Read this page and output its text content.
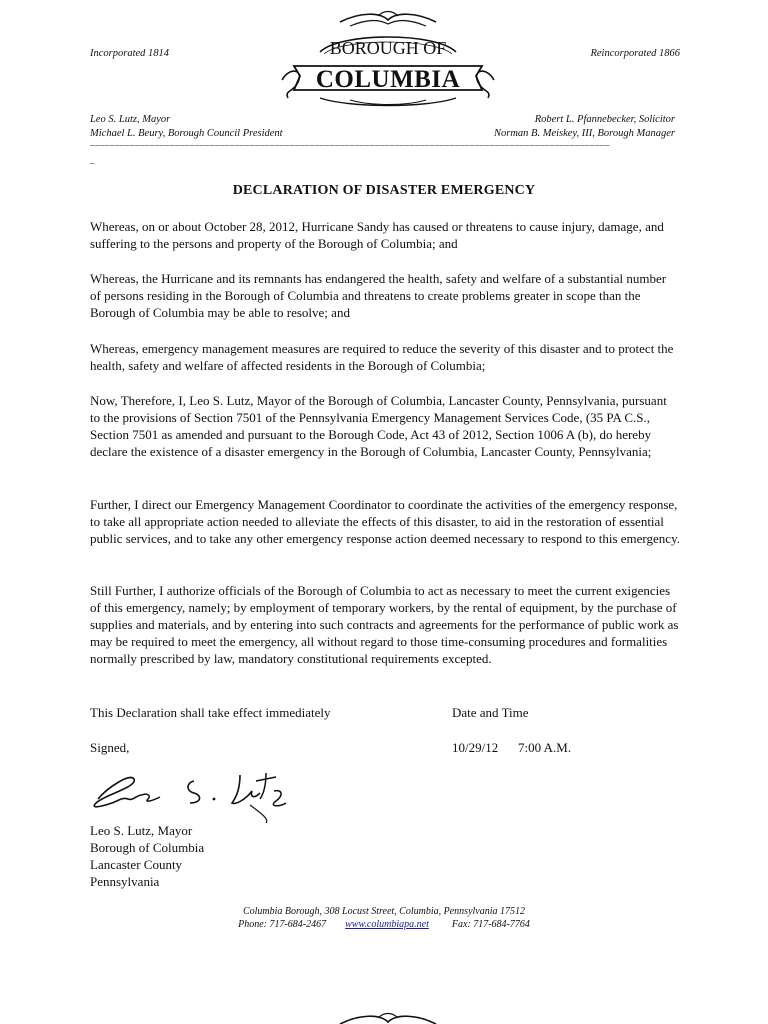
Incorporated 1814	Reincorporated 1866
BOROUGH OF
COLUMBIA
Leo S. Lutz, Mayor
Michael L. Beury, Borough Council President
Robert L. Pfannebecker, Solicitor
Norman B. Meiskey, III, Borough Manager
________________________________________________________________________________________________________
–
DECLARATION OF DISASTER EMERGENCY
Whereas, on or about October 28, 2012, Hurricane Sandy has caused or threatens to cause injury, damage, and suffering to the persons and property of the Borough of Columbia; and
Whereas, the Hurricane and its remnants has endangered the health, safety and welfare of a substantial number of persons residing in the Borough of Columbia and threatens to create problems greater in scope than the Borough of Columbia may be able to resolve; and
Whereas, emergency management measures are required to reduce the severity of this disaster and to protect the health, safety and welfare of affected residents in the Borough of Columbia;
Now, Therefore, I, Leo S. Lutz, Mayor of the Borough of Columbia, Lancaster County, Pennsylvania, pursuant to the provisions of Section 7501 of the Pennsylvania Emergency Management Services Code, (35 PA C.S., Section 7501 as amended and pursuant to the Borough Code, Act 43 of 2012, Section 1006 A (b), do hereby declare the existence of a disaster emergency in the Borough of Columbia, Lancaster County, Pennsylvania;
Further, I direct our Emergency Management Coordinator to coordinate the activities of the emergency response, to take all appropriate action needed to alleviate the effects of this disaster, to aid in the restoration of essential public services, and to take any other emergency response action deemed necessary to respond to this emergency.
Still Further, I authorize officials of the Borough of Columbia to act as necessary to meet the current exigencies of this emergency, namely; by employment of temporary workers, by the rental of equipment, by the purchase of supplies and materials, and by entering into such contracts and agreements for the performance of public work as may be required to meet the emergency, all without regard to those time-consuming procedures and formalities normally prescribed by law, mandatory constitutional requirements excepted.
This Declaration shall take effect immediately	Date and Time
Signed,	10/29/12 7:00 A.M.
Leo S. Lutz, Mayor
Borough of Columbia
Lancaster County
Pennsylvania
Columbia Borough, 308 Locust Street, Columbia, Pennsylvania 17512
Phone: 717-684-2467 www.columbiapa.net Fax: 717-684-7764
